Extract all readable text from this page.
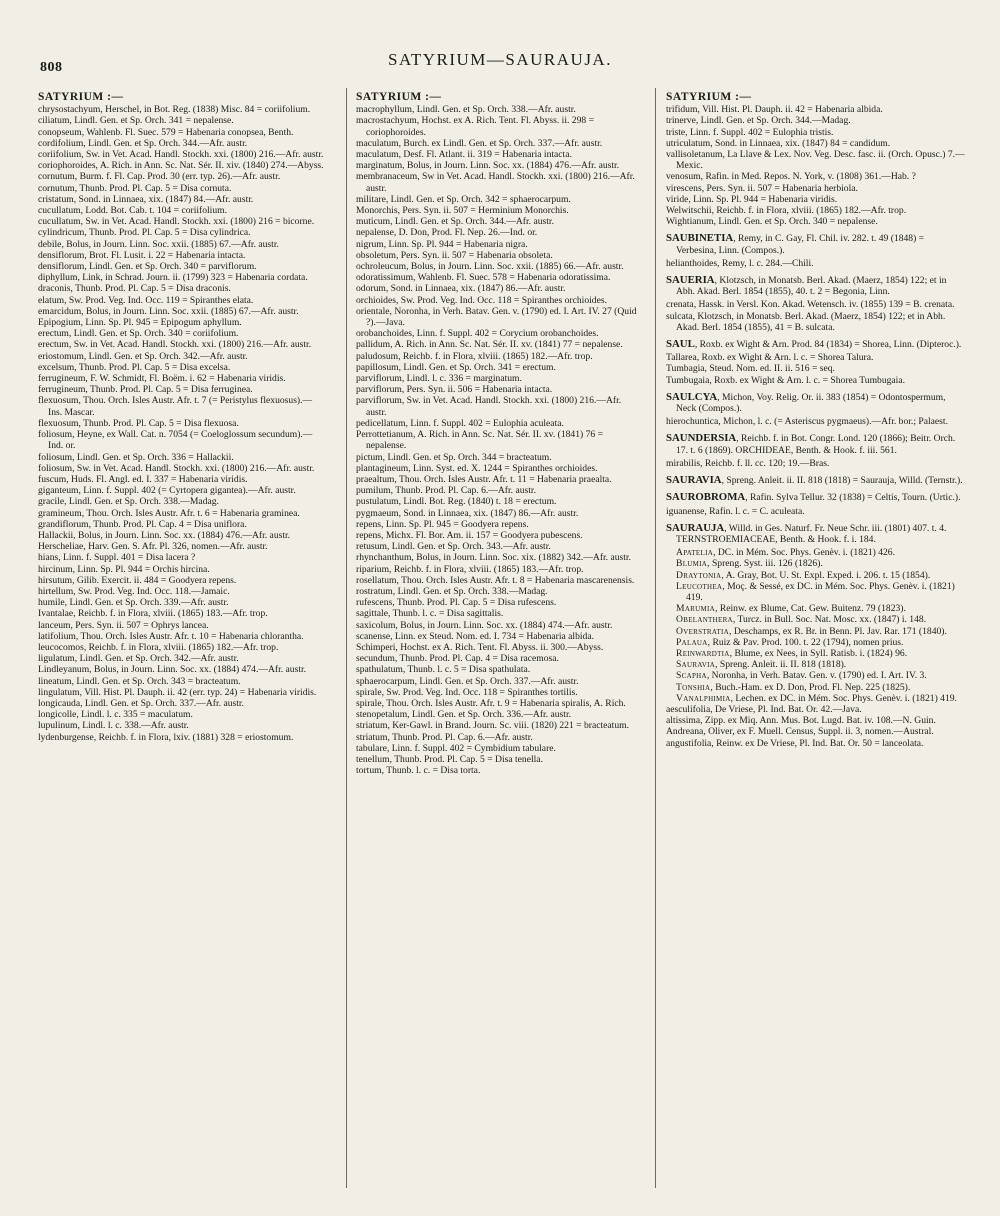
808	SATYRIUM—SAURAUJA.
SATYRIUM :—

chrysostachyum, Herschel, in Bot. Reg. (1838) Misc. 84 = coriifolium.

ciliatum, Lindl. Gen. et Sp. Orch. 341 = nepalense.

conopseum, Wahlenb. Fl. Suec. 579 = Habenaria conopsea, Benth.

cordifolium, Lindl. Gen. et Sp. Orch. 344.—Afr. austr.

coriifolium, Sw. in Vet. Acad. Handl. Stockh. xxi. (1800) 216.—Afr. austr.

coriophoroides, A. Rich. in Ann. Sc. Nat. Sér. II. xiv. (1840) 274.—Abyss.

cornutum, Burm. f. Fl. Cap. Prod. 30 (err. typ. 26).—Afr. austr.

cornutum, Thunb. Prod. Pl. Cap. 5 = Disa cornuta.

cristatum, Sond. in Linnaea, xix. (1847) 84.—Afr. austr.

cucullatum, Lodd. Bot. Cab. t. 104 = coriifolium.

cucullatum, Sw. in Vet. Acad. Handl. Stockh. xxi. (1800) 216 = bicorne.

cylindricum, Thunb. Prod. Pl. Cap. 5 = Disa cylindrica.

debile, Bolus, in Journ. Linn. Soc. xxii. (1885) 67.—Afr. austr.

densiflorum, Brot. Fl. Lusit. i. 22 = Habenaria intacta.

densiflorum, Lindl. Gen. et Sp. Orch. 340 = parviflorum.

diphyllum, Link, in Schrad. Journ. ii. (1799) 323 = Habenaria cordata.

draconis, Thunb. Prod. Pl. Cap. 5 = Disa draconis.

elatum, Sw. Prod. Veg. Ind. Occ. 119 = Spiranthes elata.

emarcidum, Bolus, in Journ. Linn. Soc. xxii. (1885) 67.—Afr. austr.

Epipogium, Linn. Sp. Pl. 945 = Epipogum aphyllum.

erectum, Lindl. Gen. et Sp. Orch. 340 = coriifolium.

erectum, Sw. in Vet. Acad. Handl. Stockh. xxi. (1800) 216.—Afr. austr.

eriostomum, Lindl. Gen. et Sp. Orch. 342.—Afr. austr.

excelsum, Thunb. Prod. Pl. Cap. 5 = Disa excelsa.

ferrugineum, F. W. Schmidt, Fl. Boëm. i. 62 = Habenaria viridis.

ferrugineum, Thunb. Prod. Pl. Cap. 5 = Disa ferruginea.

flexuosum, Thou. Orch. Isles Austr. Afr. t. 7 (= Peristylus flexuosus).—Ins. Mascar.

flexuosum, Thunb. Prod. Pl. Cap. 5 = Disa flexuosa.

foliosum, Heyne, ex Wall. Cat. n. 7054 (= Coeloglossum secundum).—Ind. or.

foliosum, Lindl. Gen. et Sp. Orch. 336 = Hallackii.

foliosum, Sw. in Vet. Acad. Handl. Stockh. xxi. (1800) 216.—Afr. austr.

fuscum, Huds. Fl. Angl. ed. I. 337 = Habenaria viridis.

giganteum, Linn. f. Suppl. 402 (= Cyrtopera gigantea).—Afr. austr.

gracile, Lindl. Gen. et Sp. Orch. 338.—Madag.

gramineum, Thou. Orch. Isles Austr. Afr. t. 6 = Habenaria graminea.

grandiflorum, Thunb. Prod. Pl. Cap. 4 = Disa uniflora.

Hallackii, Bolus, in Journ. Linn. Soc. xx. (1884) 476.—Afr. austr.

Herscheliae, Harv. Gen. S. Afr. Pl. 326, nomen.—Afr. austr.

hians, Linn. f. Suppl. 401 = Disa lacera ?

hircinum, Linn. Sp. Pl. 944 = Orchis hircina.

hirsutum, Gilib. Exercit. ii. 484 = Goodyera repens.

hirtellum, Sw. Prod. Veg. Ind. Occ. 118.—Jamaic.

humile, Lindl. Gen. et Sp. Orch. 339.—Afr. austr.

Ivantalae, Reichb. f. in Flora, xlviii. (1865) 183.—Afr. trop.

lanceum, Pers. Syn. ii. 507 = Ophrys lancea.

latifolium, Thou. Orch. Isles Austr. Afr. t. 10 = Habenaria chlorantha.

leucocomos, Reichb. f. in Flora, xlviii. (1865) 182.—Afr. trop.

ligulatum, Lindl. Gen. et Sp. Orch. 342.—Afr. austr.

Lindleyanum, Bolus, in Journ. Linn. Soc. xx. (1884) 474.—Afr. austr.

lineatum, Lindl. Gen. et Sp. Orch. 343 = bracteatum.

lingulatum, Vill. Hist. Pl. Dauph. ii. 42 (err. typ. 24) = Habenaria viridis.

longicauda, Lindl. Gen. et Sp. Orch. 337.—Afr. austr.

longicolle, Lindl. l. c. 335 = maculatum.

lupulinum, Lindl. l. c. 338.—Afr. austr.

lydenburgense, Reichb. f. in Flora, lxiv. (1881) 328 = eriostomum.

SATYRIUM :—

macrophyllum, Lindl. Gen. et Sp. Orch. 338.—Afr. austr.

macrostachyum, Hochst. ex A. Rich. Tent. Fl. Abyss. ii. 298 = coriophoroides.

maculatum, Burch. ex Lindl. Gen. et Sp. Orch. 337.—Afr. austr.

maculatum, Desf. Fl. Atlant. ii. 319 = Habenaria intacta.

marginatum, Bolus, in Journ. Linn. Soc. xx. (1884) 476.—Afr. austr.

membranaceum, Sw in Vet. Acad. Handl. Stockh. xxi. (1800) 216.—Afr. austr.

militare, Lindl. Gen. et Sp. Orch. 342 = sphaerocarpum.

Monorchis, Pers. Syn. ii. 507 = Herminium Monorchis.

muticum, Lindl. Gen. et Sp. Orch. 344.—Afr. austr.

nepalense, D. Don, Prod. Fl. Nep. 26.—Ind. or.

nigrum, Linn. Sp. Pl. 944 = Habenaria nigra.

obsoletum, Pers. Syn. ii. 507 = Habenaria obsoleta.

ochroleucum, Bolus, in Journ. Linn. Soc. xxii. (1885) 66.—Afr. austr.

odoratissimum, Wahlenb. Fl. Suec. 578 = Habenaria odoratissima.

odorum, Sond. in Linnaea, xix. (1847) 86.—Afr. austr.

orchioides, Sw. Prod. Veg. Ind. Occ. 118 = Spiranthes orchioides.

orientale, Noronha, in Verh. Batav. Gen. v. (1790) ed. I. Art. IV. 27 (Quid ?).—Java.

orobanchoides, Linn. f. Suppl. 402 = Corycium orobanchoides.

pallidum, A. Rich. in Ann. Sc. Nat. Sér. II. xv. (1841) 77 = nepalense.

paludosum, Reichb. f. in Flora, xlviii. (1865) 182.—Afr. trop.

papillosum, Lindl. Gen. et Sp. Orch. 341 = erectum.

parviflorum, Lindl. l. c. 336 = marginatum.

parviflorum, Pers. Syn. ii. 506 = Habenaria intacta.

parviflorum, Sw. in Vet. Acad. Handl. Stockh. xxi. (1800) 216.—Afr. austr.

pedicellatum, Linn. f. Suppl. 402 = Eulophia aculeata.

Perrottetianum, A. Rich. in Ann. Sc. Nat. Sér. II. xv. (1841) 76 = nepalense.

pictum, Lindl. Gen. et Sp. Orch. 344 = bracteatum.

plantagineum, Linn. Syst. ed. X. 1244 = Spiranthes orchioides.

praealtum, Thou. Orch. Isles Austr. Afr. t. 11 = Habenaria praealta.

pumilum, Thunb. Prod. Pl. Cap. 6.—Afr. austr.

pustulatum, Lindl. Bot. Reg. (1840) t. 18 = erectum.

pygmaeum, Sond. in Linnaea, xix. (1847) 86.—Afr. austr.

repens, Linn. Sp. Pl. 945 = Goodyera repens.

repens, Michx. Fl. Bor. Am. ii. 157 = Goodyera pubescens.

retusum, Lindl. Gen. et Sp. Orch. 343.—Afr. austr.

rhynchanthum, Bolus, in Journ. Linn. Soc. xix. (1882) 342.—Afr. austr.

riparium, Reichb. f. in Flora, xlviii. (1865) 183.—Afr. trop.

rosellatum, Thou. Orch. Isles Austr. Afr. t. 8 = Habenaria mascarenensis.

rostratum, Lindl. Gen. et Sp. Orch. 338.—Madag.

rufescens, Thunb. Prod. Pl. Cap. 5 = Disa rufescens.

sagittale, Thunb. l. c. = Disa sagittalis.

saxicolum, Bolus, in Journ. Linn. Soc. xx. (1884) 474.—Afr. austr.

scanense, Linn. ex Steud. Nom. ed. I. 734 = Habenaria albida.

Schimperi, Hochst. ex A. Rich. Tent. Fl. Abyss. ii. 300.—Abyss.

secundum, Thunb. Prod. Pl. Cap. 4 = Disa racemosa.

spathulatum, Thunb. l. c. 5 = Disa spathulata.

sphaerocarpum, Lindl. Gen. et Sp. Orch. 337.—Afr. austr.

spirale, Sw. Prod. Veg. Ind. Occ. 118 = Spiranthes tortilis.

spirale, Thou. Orch. Isles Austr. Afr. t. 9 = Habenaria spiralis, A. Rich.

stenopetalum, Lindl. Gen. et Sp. Orch. 336.—Afr. austr.

striatum, Ker-Gawl. in Brand. Journ. Sc. viii. (1820) 221 = bracteatum.

striatum, Thunb. Prod. Pl. Cap. 6.—Afr. austr.

tabulare, Linn. f. Suppl. 402 = Cymbidium tabulare.

tenellum, Thunb. Prod. Pl. Cap. 5 = Disa tenella.

tortum, Thunb. l. c. = Disa torta.

SATYRIUM :—

trifidum, Vill. Hist. Pl. Dauph. ii. 42 = Habenaria albida.

trinerve, Lindl. Gen. et Sp. Orch. 344.—Madag.

triste, Linn. f. Suppl. 402 = Eulophia tristis.

utriculatum, Sond. in Linnaea, xix. (1847) 84 = candidum.

vallisoletanum, La Llave & Lex. Nov. Veg. Desc. fasc. ii. (Orch. Opusc.) 7.—Mexic.

venosum, Rafin. in Med. Repos. N. York, v. (1808) 361.—Hab. ?

virescens, Pers. Syn. ii. 507 = Habenaria herbiola.

viride, Linn. Sp. Pl. 944 = Habenaria viridis.

Welwitschii, Reichb. f. in Flora, xlviii. (1865) 182.—Afr. trop.

Wightianum, Lindl. Gen. et Sp. Orch. 340 = nepalense.

SAUBINETIA, Remy, in C. Gay, Fl. Chil. iv. 282. t. 49 (1848) = Verbesina, Linn. (Compos.).

helianthoides, Remy, l. c. 284.—Chili.

SAUERIA, Klotzsch, in Monatsb. Berl. Akad. (Maerz, 1854) 122; et in Abh. Akad. Berl. 1854 (1855), 40. t. 2 = Begonia, Linn.

crenata, Hassk. in Versl. Kon. Akad. Wetensch. iv. (1855) 139 = B. crenata.

sulcata, Klotzsch, in Monatsb. Berl. Akad. (Maerz, 1854) 122; et in Abh. Akad. Berl. 1854 (1855), 41 = B. sulcata.

SAUL, Roxb. ex Wight & Arn. Prod. 84 (1834) = Shorea, Linn. (Dipteroc.).

Tallarea, Roxb. ex Wight & Arn. l. c. = Shorea Talura.

Tumbagia, Steud. Nom. ed. II. ii. 516 = seq.

Tumbugaia, Roxb. ex Wight & Arn. l. c. = Shorea Tumbugaia.

SAULCYA, Michon, Voy. Relig. Or. ii. 383 (1854) = Odontospermum, Neck (Compos.).

hierochuntica, Michon, l. c. (= Asteriscus pygmaeus).—Afr. bor.; Palaest.

SAUNDERSIA, Reichb. f. in Bot. Congr. Lond. 120 (1866); Beitr. Orch. 17. t. 6 (1869). ORCHIDEAE, Benth. & Hook. f. iii. 561.

mirabilis, Reichb. f. ll. cc. 120; 19.—Bras.

SAURAVIA, Spreng. Anleit. ii. II. 818 (1818) = Saurauja, Willd. (Ternstr.).

SAUROBROMA, Rafin. Sylva Tellur. 32 (1838) = Celtis, Tourn. (Urtic.).

iguanense, Rafin. l. c. = C. aculeata.

SAURAUJA, Willd. in Ges. Naturf. Fr. Neue Schr. iii. (1801) 407. t. 4. TERNSTROEMIACEAE, Benth. & Hook. f. i. 184.

Apatelia, DC. in Mém. Soc. Phys. Genèv. i. (1821) 426.

Blumia, Spreng. Syst. iii. 126 (1826).

Draytonia, A. Gray, Bot. U. St. Expl. Exped. i. 206. t. 15 (1854).

Leucothea, Moç. & Sessé, ex DC. in Mém. Soc. Phys. Genèv. i. (1821) 419.

Marumia, Reinw. ex Blume, Cat. Gew. Buitenz. 79 (1823).

Obelanthera, Turcz. in Bull. Soc. Nat. Mosc. xx. (1847) i. 148.

Overstratia, Deschamps, ex R. Br. in Benn. Pl. Jav. Rar. 171 (1840).

Palaua, Ruiz & Pav. Prod. 100. t. 22 (1794), nomen prius.

Reinwardtia, Blume, ex Nees, in Syll. Ratisb. i. (1824) 96.

Sauravia, Spreng. Anleit. ii. II. 818 (1818).

Scapha, Noronha, in Verh. Batav. Gen. v. (1790) ed. I. Art. IV. 3.

Tonshia, Buch.-Ham. ex D. Don, Prod. Fl. Nep. 225 (1825).

Vanalphimia, Lechen. ex DC. in Mém. Soc. Phys. Genèv. i. (1821) 419.

aesculifolia, De Vriese, Pl. Ind. Bat. Or. 42.—Java.

altissima, Zipp. ex Miq. Ann. Mus. Bot. Lugd. Bat. iv. 108.—N. Guin.

Andreana, Oliver, ex F. Muell. Census, Suppl. ii. 3, nomen.—Austral.

angustifolia, Reinw. ex De Vriese, Pl. Ind. Bat. Or. 50 = lanceolata.
